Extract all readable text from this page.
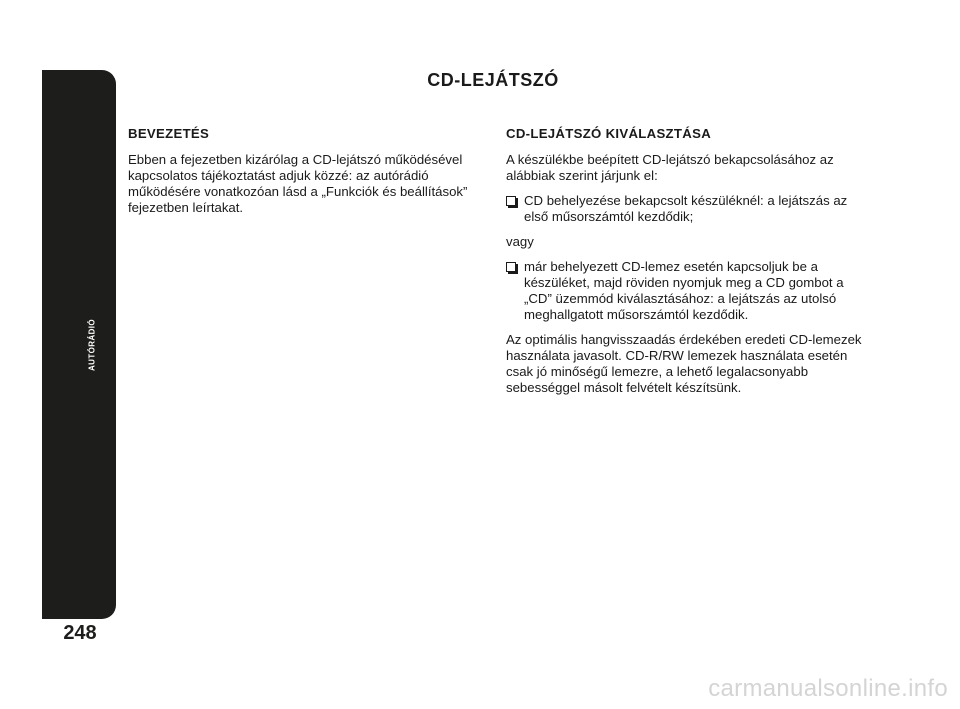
AUTÓRÁDIÓ
248
CD-LEJÁTSZÓ
BEVEZETÉS

Ebben a fejezetben kizárólag a CD-lejátszó működésével kapcsolatos tájékoztatást adjuk közzé: az autórádió működésére vonatkozóan lásd a „Funkciók és beállítások” fejezetben leírtakat.

CD-LEJÁTSZÓ KIVÁLASZTÁSA

A készülékbe beépített CD-lejátszó bekapcsolásához az alábbiak szerint járjunk el:

CD behelyezése bekapcsolt készüléknél: a lejátszás az első műsorszámtól kezdődik;

vagy

már behelyezett CD-lemez esetén kapcsoljuk be a készüléket, majd röviden nyomjuk meg a CD gombot a „CD” üzemmód kiválasztásához: a lejátszás az utolsó meghallgatott műsorszámtól kezdődik.

Az optimális hangvisszaadás érdekében eredeti CD-lemezek használata javasolt. CD-R/RW lemezek használata esetén csak jó minőségű lemezre, a lehető legalacsonyabb sebességgel másolt felvételt készítsünk.

carmanualsonline.info
